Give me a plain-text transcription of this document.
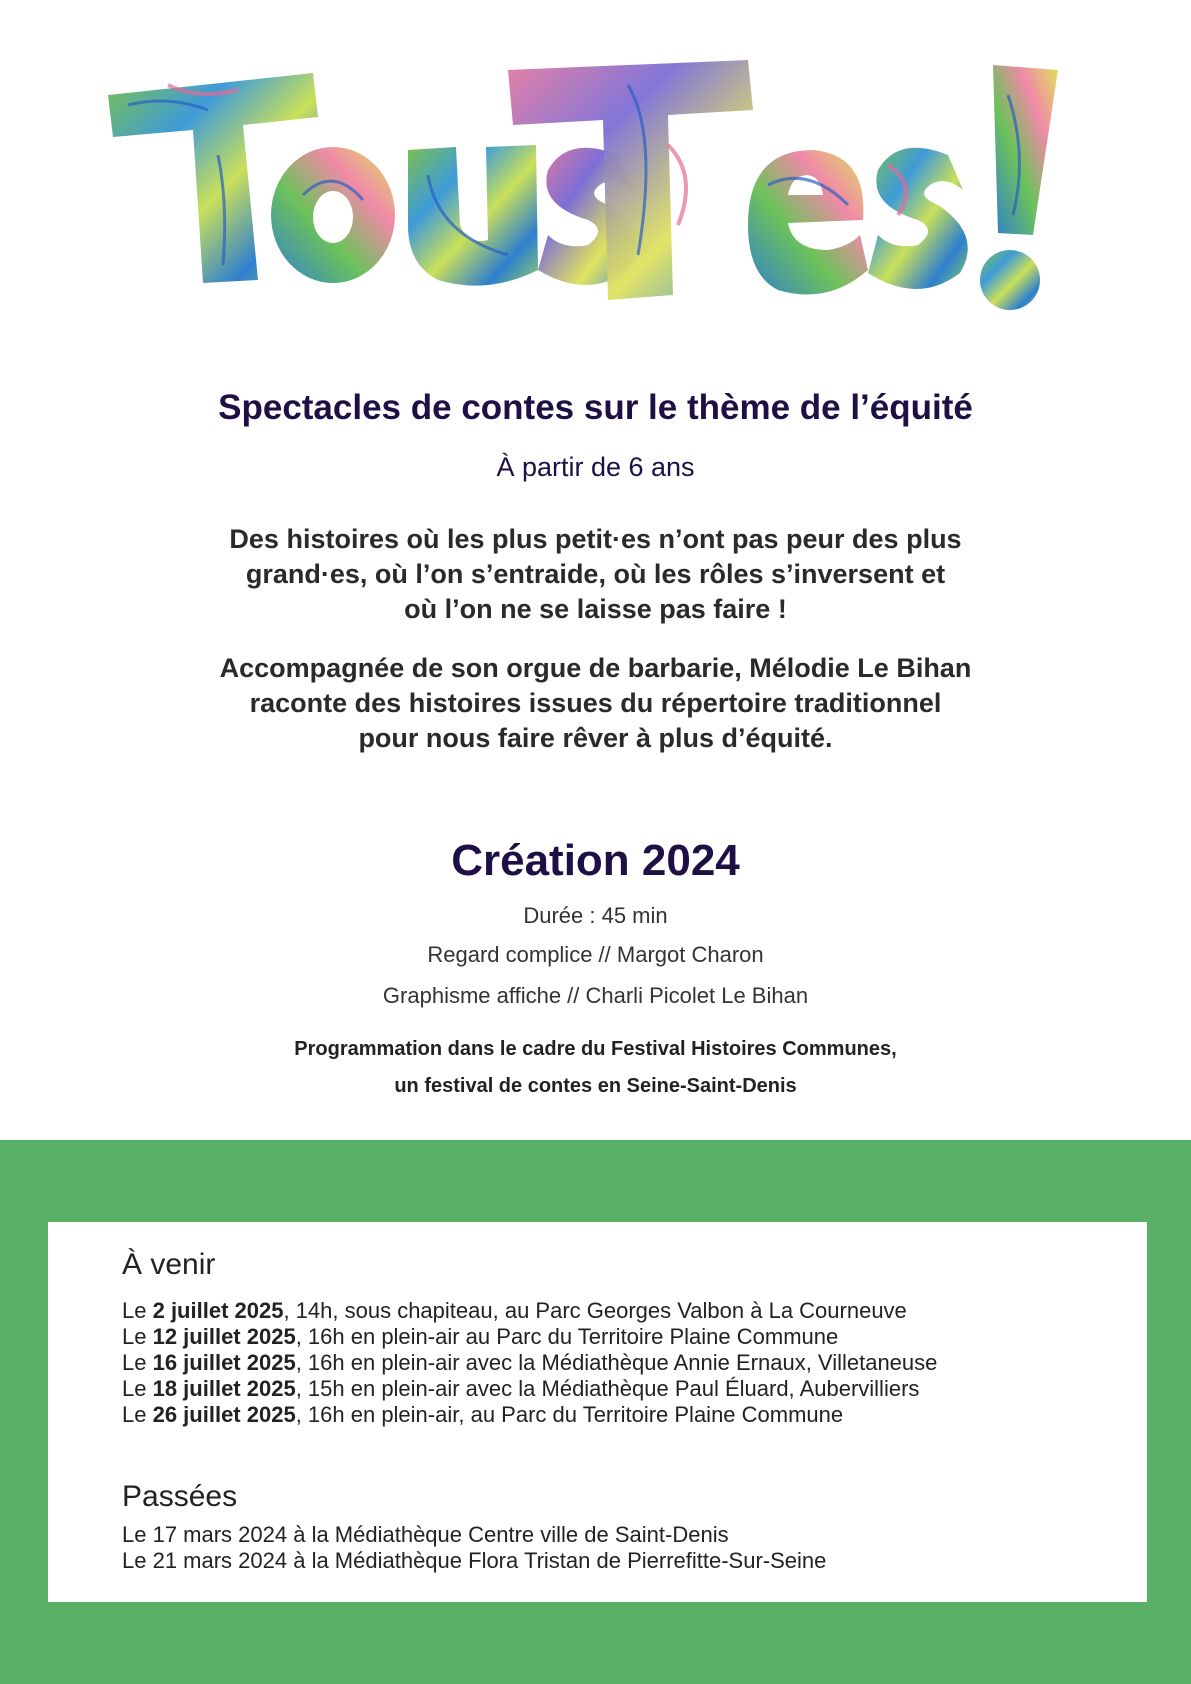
Spectacles de contes sur le thème de l’équité
À partir de 6 ans
Des histoires où les plus petit·es n’ont pas peur des plus
grand·es, où l’on s’entraide, où les rôles s’inversent et
où l’on ne se laisse pas faire !
Accompagnée de son orgue de barbarie, Mélodie Le Bihan
raconte des histoires issues du répertoire traditionnel
pour nous faire rêver à plus d’équité.
Création 2024
Durée : 45 min
Regard complice // Margot Charon
Graphisme affiche // Charli Picolet Le Bihan
Programmation dans le cadre du Festival Histoires Communes,
un festival de contes en Seine-Saint-Denis
À venir
Le 2 juillet 2025, 14h, sous chapiteau, au Parc Georges Valbon à La Courneuve
Le 12 juillet 2025, 16h en plein-air au Parc du Territoire Plaine Commune
Le 16 juillet 2025, 16h en plein-air avec la Médiathèque Annie Ernaux, Villetaneuse
Le 18 juillet 2025, 15h en plein-air avec la Médiathèque Paul Éluard, Aubervilliers
Le 26 juillet 2025, 16h en plein-air, au Parc du Territoire Plaine Commune
Passées
Le 17 mars 2024 à la Médiathèque Centre ville de Saint-Denis
Le 21 mars 2024 à la Médiathèque Flora Tristan de Pierrefitte-Sur-Seine
